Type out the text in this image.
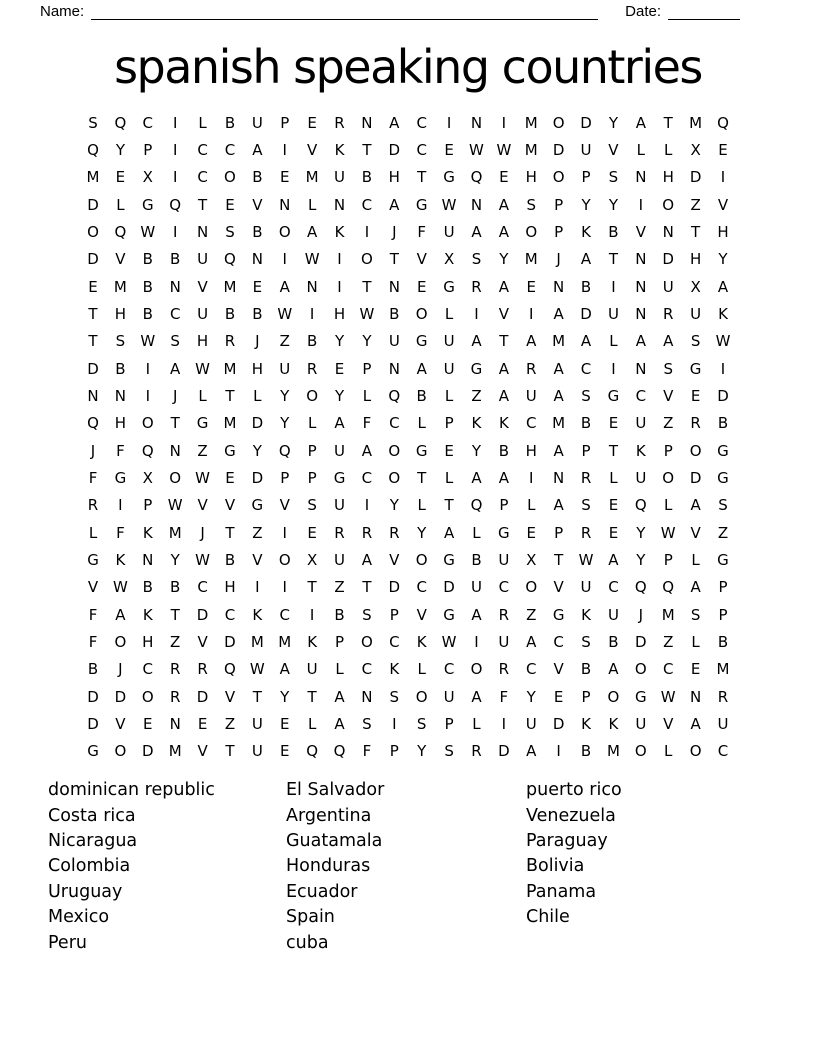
Name:	Date:
spanish speaking countries
S	Q	C	I	L	B	U	P	E	R	N	A	C	I	N	I	M	O	D	Y	A	T	M	Q
Q	Y	P	I	C	C	A	I	V	K	T	D	C	E	W W M	D	U	V	L	L	X	E
M	E	X	I	C	O	B	E	M	U	B	H	T	G	Q	E	H	O	P	S	N	H	D	I
D	L	G	Q	T	E	V	N	L	N	C	A	G W N	A	S	P	Y	Y	I	O	Z	V
O	Q W	I	N	S	B	O	A	K	I	J	F	U	A	A	O	P	K	B	V	N	T	H
D	V	B	B	U	Q	N	I	W	I	O	T	V	X	S	Y	M	J	A	T	N	D	H	Y
E	M	B	N	V	M	E	A	N	I	T	N	E	G	R	A	E	N	B	I	N	U	X	A
T	H	B	C	U	B	B W	I	H W B	O	L	I	V	I	A	D	U	N	R	U	K
T	S	W	S	H	R	J	Z	B	Y	Y	U	G	U	A	T	A	M	A	L	A	A	S	W
D	B	I	A W M	H	U	R	E	P	N	A	U	G	A	R	A	C	I	N	S	G	I
N	N	I	J	L	T	L	Y	O	Y	L	Q	B	L	Z	A	U	A	S	G	C	V	E	D
Q	H	O	T	G	M	D	Y	L	A	F	C	L	P	K	K	C	M	B	E	U	Z	R	B
J	F	Q	N	Z	G	Y	Q	P	U	A	O	G	E	Y	B	H	A	P	T	K	P	O	G
F	G	X	O W	E	D	P	P	G	C	O	T	L	A	A	I	N	R	L	U	O	D	G
R	I	P	W V	V	G	V	S	U	I	Y	L	T	Q	P	L	A	S	E	Q	L	A	S
L	F	K	M	J	T	Z	I	E	R	R	R	Y	A	L	G	E	P	R	E	Y	W V	Z
G	K	N	Y	W B	V	O	X	U	A	V	O	G	B	U	X	T	W A	Y	P	L	G
V W B	B	C	H	I	I	T	Z	T	D	C	D	U	C	O	V	U	C	Q	Q	A	P
F	A	K	T	D	C	K	C	I	B	S	P	V	G	A	R	Z	G	K	U	J	M	S	P
F	O	H	Z	V	D	M M	K	P	O	C	K	W	I	U	A	C	S	B	D	Z	L	B
B	J	C	R	R	Q W A	U	L	C	K	L	C	O	R	C	V	B	A	O	C	E	M
D	D	O	R	D	V	T	Y	T	A	N	S	O	U	A	F	Y	E	P	O	G W N	R
D	V	E	N	E	Z	U	E	L	A	S	I	S	P	L	I	U	D	K	K	U	V	A	U
G	O	D	M	V	T	U	E	Q	Q	F	P	Y	S	R	D	A	I	B	M	O	L	O	C
dominican republic
Costa rica
Nicaragua
Colombia
Uruguay
Mexico
Peru
El Salvador
Argentina
Guatamala
Honduras
Ecuador
Spain
cuba
puerto rico
Venezuela
Paraguay
Bolivia
Panama
Chile
